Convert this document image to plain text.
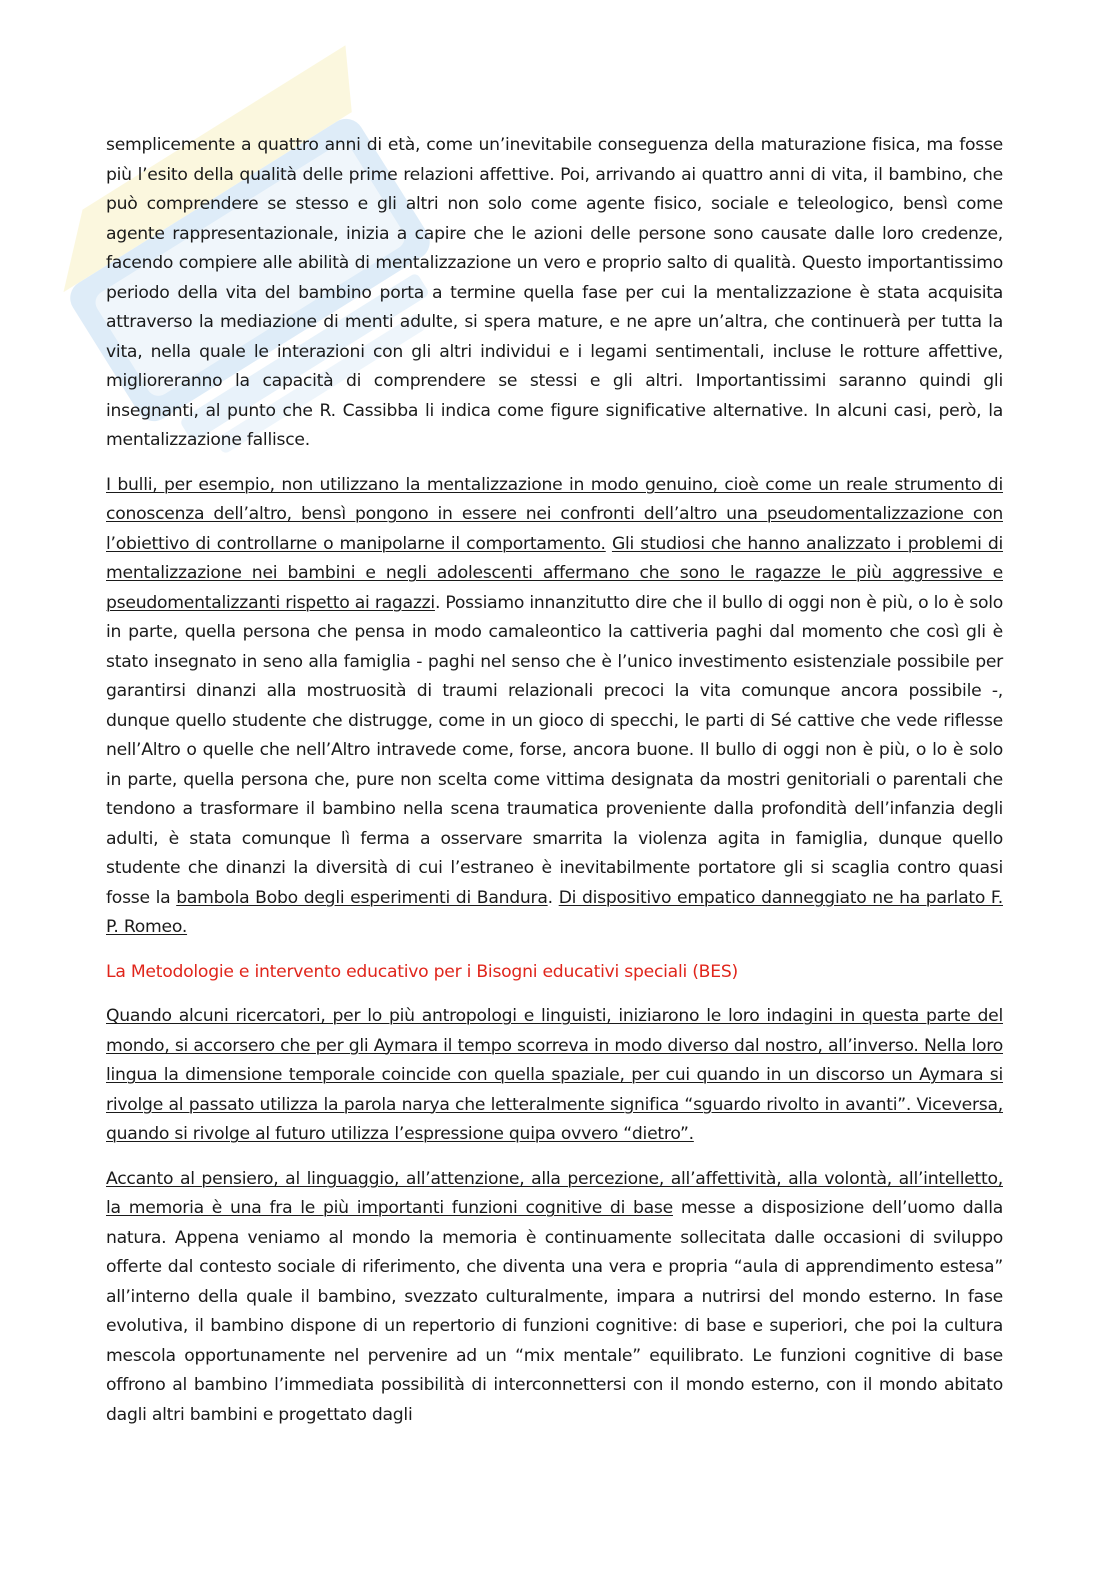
semplicemente a quattro anni di età, come un’inevitabile conseguenza della maturazione fisica, ma fosse più l’esito della qualità delle prime relazioni affettive. Poi, arrivando ai quattro anni di vita, il bambino, che può comprendere se stesso e gli altri non solo come agente fisico, sociale e teleologico, bensì come agente rappresentazionale, inizia a capire che le azioni delle persone sono causate dalle loro credenze, facendo compiere alle abilità di mentalizzazione un vero e proprio salto di qualità. Questo importantissimo periodo della vita del bambino porta a termine quella fase per cui la mentalizzazione è stata acquisita attraverso la mediazione di menti adulte, si spera mature, e ne apre un’altra, che continuerà per tutta la vita, nella quale le interazioni con gli altri individui e i legami sentimentali, incluse le rotture affettive, miglioreranno la capacità di comprendere se stessi e gli altri. Importantissimi saranno quindi gli insegnanti, al punto che R. Cassibba li indica come figure significative alternative. In alcuni casi, però, la mentalizzazione fallisce.

I bulli, per esempio, non utilizzano la mentalizzazione in modo genuino, cioè come un reale strumento di conoscenza dell’altro, bensì pongono in essere nei confronti dell’altro una pseudomentalizzazione con l’obiettivo di controllarne o manipolarne il comportamento. Gli studiosi che hanno analizzato i problemi di mentalizzazione nei bambini e negli adolescenti affermano che sono le ragazze le più aggressive e pseudomentalizzanti rispetto ai ragazzi. Possiamo innanzitutto dire che il bullo di oggi non è più, o lo è solo in parte, quella persona che pensa in modo camaleontico la cattiveria paghi dal momento che così gli è stato insegnato in seno alla famiglia - paghi nel senso che è l’unico investimento esistenziale possibile per garantirsi dinanzi alla mostruosità di traumi relazionali precoci la vita comunque ancora possibile -, dunque quello studente che distrugge, come in un gioco di specchi, le parti di Sé cattive che vede riflesse nell’Altro o quelle che nell’Altro intravede come, forse, ancora buone. Il bullo di oggi non è più, o lo è solo in parte, quella persona che, pure non scelta come vittima designata da mostri genitoriali o parentali che tendono a trasformare il bambino nella scena traumatica proveniente dalla profondità dell’infanzia degli adulti, è stata comunque lì ferma a osservare smarrita la violenza agita in famiglia, dunque quello studente che dinanzi la diversità di cui l’estraneo è inevitabilmente portatore gli si scaglia contro quasi fosse la bambola Bobo degli esperimenti di Bandura. Di dispositivo empatico danneggiato ne ha parlato F. P. Romeo.

La Metodologie e intervento educativo per i Bisogni educativi speciali (BES)

Quando alcuni ricercatori, per lo più antropologi e linguisti, iniziarono le loro indagini in questa parte del mondo, si accorsero che per gli Aymara il tempo scorreva in modo diverso dal nostro, all’inverso. Nella loro lingua la dimensione temporale coincide con quella spaziale, per cui quando in un discorso un Aymara si rivolge al passato utilizza la parola narya che letteralmente significa “sguardo rivolto in avanti”. Viceversa, quando si rivolge al futuro utilizza l’espressione quipa ovvero “dietro”.

Accanto al pensiero, al linguaggio, all’attenzione, alla percezione, all’affettività, alla volontà, all’intelletto, la memoria è una fra le più importanti funzioni cognitive di base messe a disposizione dell’uomo dalla natura. Appena veniamo al mondo la memoria è continuamente sollecitata dalle occasioni di sviluppo offerte dal contesto sociale di riferimento, che diventa una vera e propria “aula di apprendimento estesa” all’interno della quale il bambino, svezzato culturalmente, impara a nutrirsi del mondo esterno. In fase evolutiva, il bambino dispone di un repertorio di funzioni cognitive: di base e superiori, che poi la cultura mescola opportunamente nel pervenire ad un “mix mentale” equilibrato. Le funzioni cognitive di base offrono al bambino l’immediata possibilità di interconnettersi con il mondo esterno, con il mondo abitato dagli altri bambini e progettato dagli
